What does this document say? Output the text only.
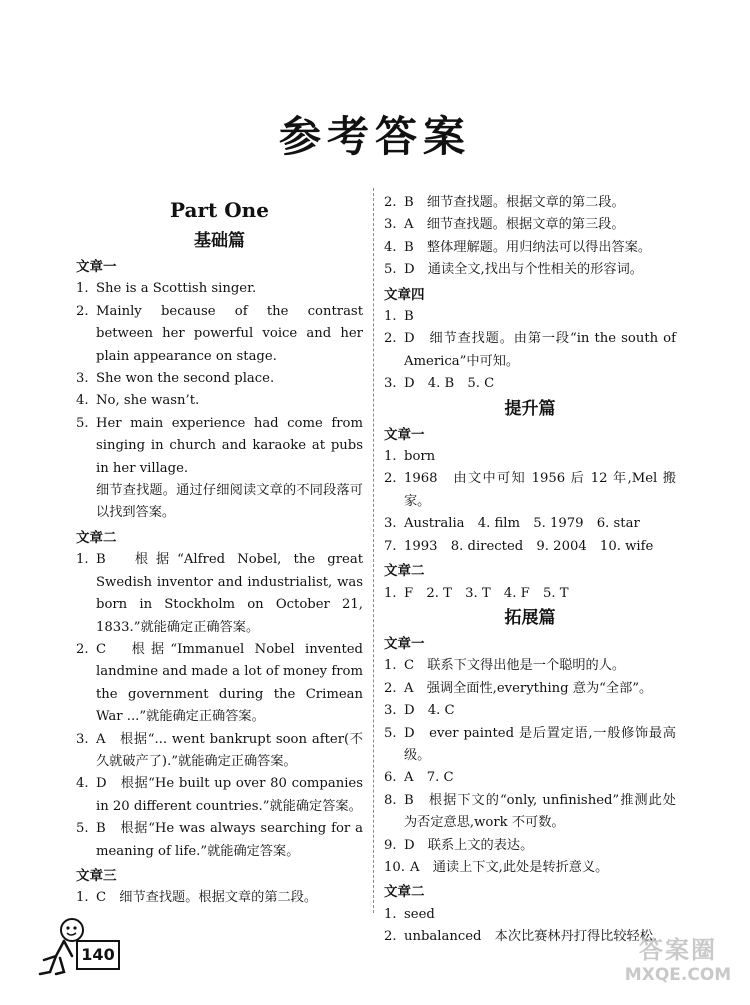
参考答案
Part One
基础篇
文章一
1. She is a Scottish singer.
2. Mainly because of the contrast between her powerful voice and her plain appearance on stage.
3. She won the second place.
4. No, she wasn’t.
5. Her main experience had come from singing in church and karaoke at pubs in her village.
细节查找题。通过仔细阅读文章的不同段落可以找到答案。
文章二
1. B　根据“Alfred Nobel, the great Swedish inventor and industrialist, was born in Stockholm on October 21, 1833.”就能确定正确答案。
2. C　根据“Immanuel Nobel invented landmine and made a lot of money from the government during the Crimean War ...”就能确定正确答案。
3. A　根据“... went bankrupt soon after(不久就破产了).”就能确定正确答案。
4. D　根据“He built up over 80 companies in 20 different countries.”就能确定答案。
5. B　根据“He was always searching for a meaning of life.”就能确定答案。
文章三
1. C　细节查找题。根据文章的第二段。
2. B　细节查找题。根据文章的第二段。
3. A　细节查找题。根据文章的第三段。
4. B　整体理解题。用归纳法可以得出答案。
5. D　通读全文,找出与个性相关的形容词。
文章四
1. B
2. D　细节查找题。由第一段“in the south of America”中可知。
3. D　4. B　5. C
提升篇
文章一
1. born
2. 1968　由文中可知 1956 后 12 年,Mel 搬家。
3. Australia　4. film　5. 1979　6. star
7. 1993　8. directed　9. 2004　10. wife
文章二
1. F　2. T　3. T　4. F　5. T
拓展篇
文章一
1. C　联系下文得出他是一个聪明的人。
2. A　强调全面性,everything 意为“全部”。
3. D　4. C
5. D　ever painted 是后置定语,一般修饰最高级。
6. A　7. C
8. B　根据下文的“only, unfinished”推测此处为否定意思,work 不可数。
9. D　联系上文的表达。
10. A　通读上下文,此处是转折意义。
文章二
1. seed
2. unbalanced　本次比赛林丹打得比较轻松,
140	答案圈
MXQE.COM
